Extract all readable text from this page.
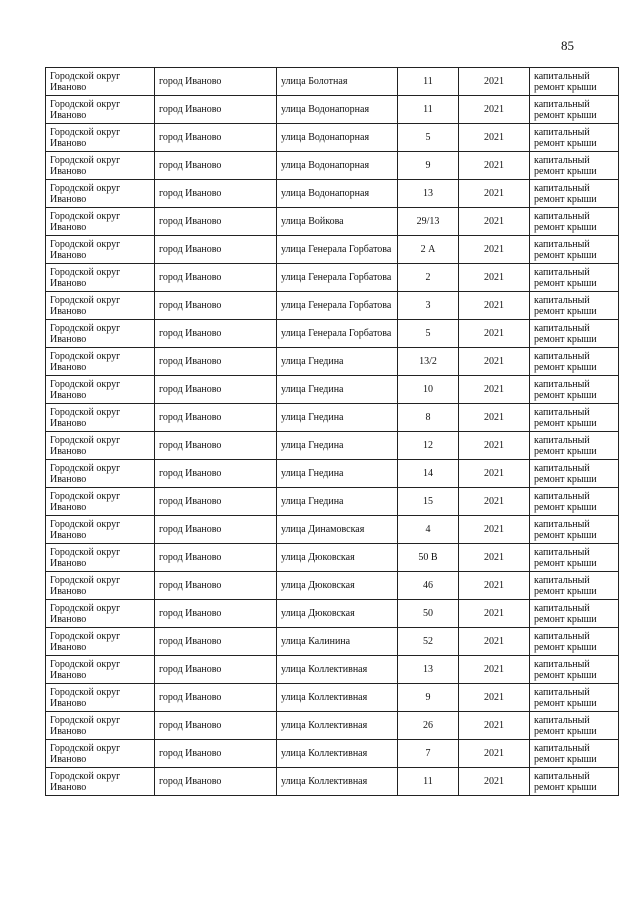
85
Городской округ Иваново	город Иваново	улица Болотная	11	2021	капитальный ремонт крыши
Городской округ Иваново	город Иваново	улица Водонапорная	11	2021	капитальный ремонт крыши
Городской округ Иваново	город Иваново	улица Водонапорная	5	2021	капитальный ремонт крыши
Городской округ Иваново	город Иваново	улица Водонапорная	9	2021	капитальный ремонт крыши
Городской округ Иваново	город Иваново	улица Водонапорная	13	2021	капитальный ремонт крыши
Городской округ Иваново	город Иваново	улица Войкова	29/13	2021	капитальный ремонт крыши
Городской округ Иваново	город Иваново	улица Генерала Горбатова	2 А	2021	капитальный ремонт крыши
Городской округ Иваново	город Иваново	улица Генерала Горбатова	2	2021	капитальный ремонт крыши
Городской округ Иваново	город Иваново	улица Генерала Горбатова	3	2021	капитальный ремонт крыши
Городской округ Иваново	город Иваново	улица Генерала Горбатова	5	2021	капитальный ремонт крыши
Городской округ Иваново	город Иваново	улица Гнедина	13/2	2021	капитальный ремонт крыши
Городской округ Иваново	город Иваново	улица Гнедина	10	2021	капитальный ремонт крыши
Городской округ Иваново	город Иваново	улица Гнедина	8	2021	капитальный ремонт крыши
Городской округ Иваново	город Иваново	улица Гнедина	12	2021	капитальный ремонт крыши
Городской округ Иваново	город Иваново	улица Гнедина	14	2021	капитальный ремонт крыши
Городской округ Иваново	город Иваново	улица Гнедина	15	2021	капитальный ремонт крыши
Городской округ Иваново	город Иваново	улица Динамовская	4	2021	капитальный ремонт крыши
Городской округ Иваново	город Иваново	улица Дюковская	50 В	2021	капитальный ремонт крыши
Городской округ Иваново	город Иваново	улица Дюковская	46	2021	капитальный ремонт крыши
Городской округ Иваново	город Иваново	улица Дюковская	50	2021	капитальный ремонт крыши
Городской округ Иваново	город Иваново	улица Калинина	52	2021	капитальный ремонт крыши
Городской округ Иваново	город Иваново	улица Коллективная	13	2021	капитальный ремонт крыши
Городской округ Иваново	город Иваново	улица Коллективная	9	2021	капитальный ремонт крыши
Городской округ Иваново	город Иваново	улица Коллективная	26	2021	капитальный ремонт крыши
Городской округ Иваново	город Иваново	улица Коллективная	7	2021	капитальный ремонт крыши
Городской округ Иваново	город Иваново	улица Коллективная	11	2021	капитальный ремонт крыши
